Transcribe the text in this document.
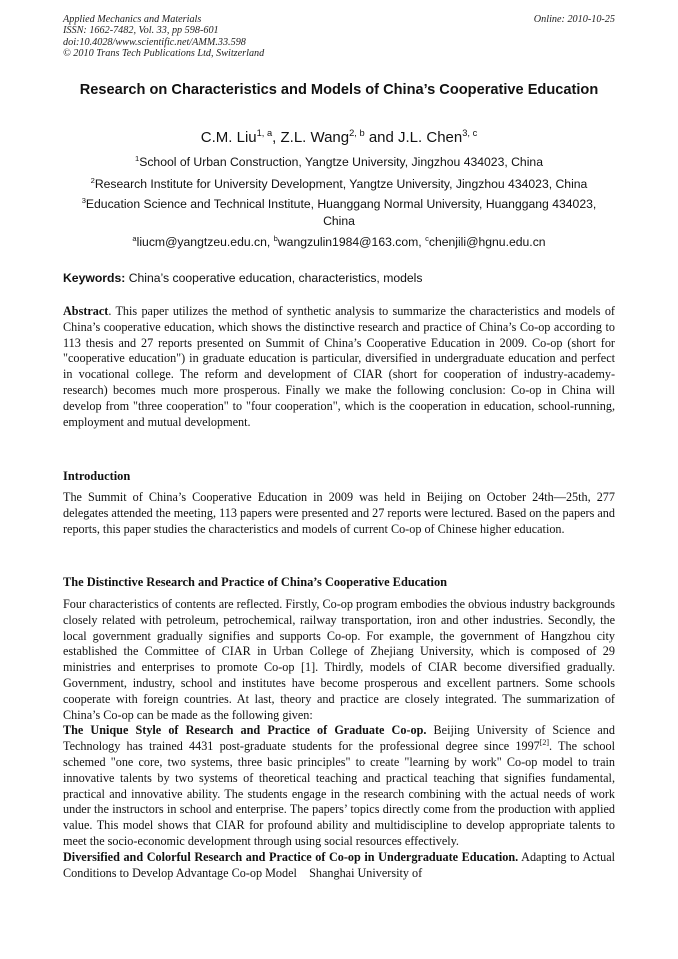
Applied Mechanics and Materials
ISSN: 1662-7482, Vol. 33, pp 598-601
doi:10.4028/www.scientific.net/AMM.33.598
© 2010 Trans Tech Publications Ltd, Switzerland
Online: 2010-10-25
Research on Characteristics and Models of China’s Cooperative Education
C.M. Liu$^{1, a}$, Z.L. Wang$^{2, b}$ and J.L. Chen$^{3, c}$
$^1$School of Urban Construction, Yangtze University, Jingzhou 434023, China
$^2$Research Institute for University Development, Yangtze University, Jingzhou 434023, China
$^3$Education Science and Technical Institute, Huanggang Normal University, Huanggang 434023, China
$^a$liucm@yangtzeu.edu.cn, $^b$wangzulin1984@163.com, $^c$chenjili@hgnu.edu.cn
Keywords: China’s cooperative education, characteristics, models
Abstract. This paper utilizes the method of synthetic analysis to summarize the characteristics and models of China’s cooperative education, which shows the distinctive research and practice of China’s Co-op according to 113 thesis and 27 reports presented on Summit of China’s Cooperative Education in 2009. Co-op (short for "cooperative education") in graduate education is particular, diversified in undergraduate education and perfect in vocational college. The reform and development of CIAR (short for cooperation of industry-academy-research) becomes much more prosperous. Finally we make the following conclusion: Co-op in China will develop from "three cooperation" to "four cooperation", which is the cooperation in education, school-running, employment and mutual development.
Introduction
The Summit of China’s Cooperative Education in 2009 was held in Beijing on October 24th—25th, 277 delegates attended the meeting, 113 papers were presented and 27 reports were lectured. Based on the papers and reports, this paper studies the characteristics and models of current Co-op of Chinese higher education.
The Distinctive Research and Practice of China’s Cooperative Education
Four characteristics of contents are reflected. Firstly, Co-op program embodies the obvious industry backgrounds closely related with petroleum, petrochemical, railway transportation, iron and other industries. Secondly, the local government gradually signifies and supports Co-op. For example, the government of Hangzhou city established the Committee of CIAR in Urban College of Zhejiang University, which is composed of 29 ministries and enterprises to promote Co-op [1]. Thirdly, models of CIAR become diversified gradually. Government, industry, school and institutes have become prosperous and excellent partners. Some schools cooperate with foreign countries. At last, theory and practice are closely integrated. The summarization of China’s Co-op can be made as the following given:
The Unique Style of Research and Practice of Graduate Co-op. Beijing University of Science and Technology has trained 4431 post-graduate students for the professional degree since 1997[2]. The school schemed "one core, two systems, three basic principles" to create "learning by work" Co-op model to train innovative talents by two systems of theoretical teaching and practical teaching that signifies fundamental, practical and innovative ability. The students engage in the research combining with the actual needs of work under the instructors in school and enterprise. The papers’ topics directly come from the production with applied value. This model shows that CIAR for profound ability and multidiscipline to develop appropriate talents to meet the socio-economic development through using social resources effectively.
Diversified and Colorful Research and Practice of Co-op in Undergraduate Education. Adapting to Actual Conditions to Develop Advantage Co-op Model    Shanghai University of
